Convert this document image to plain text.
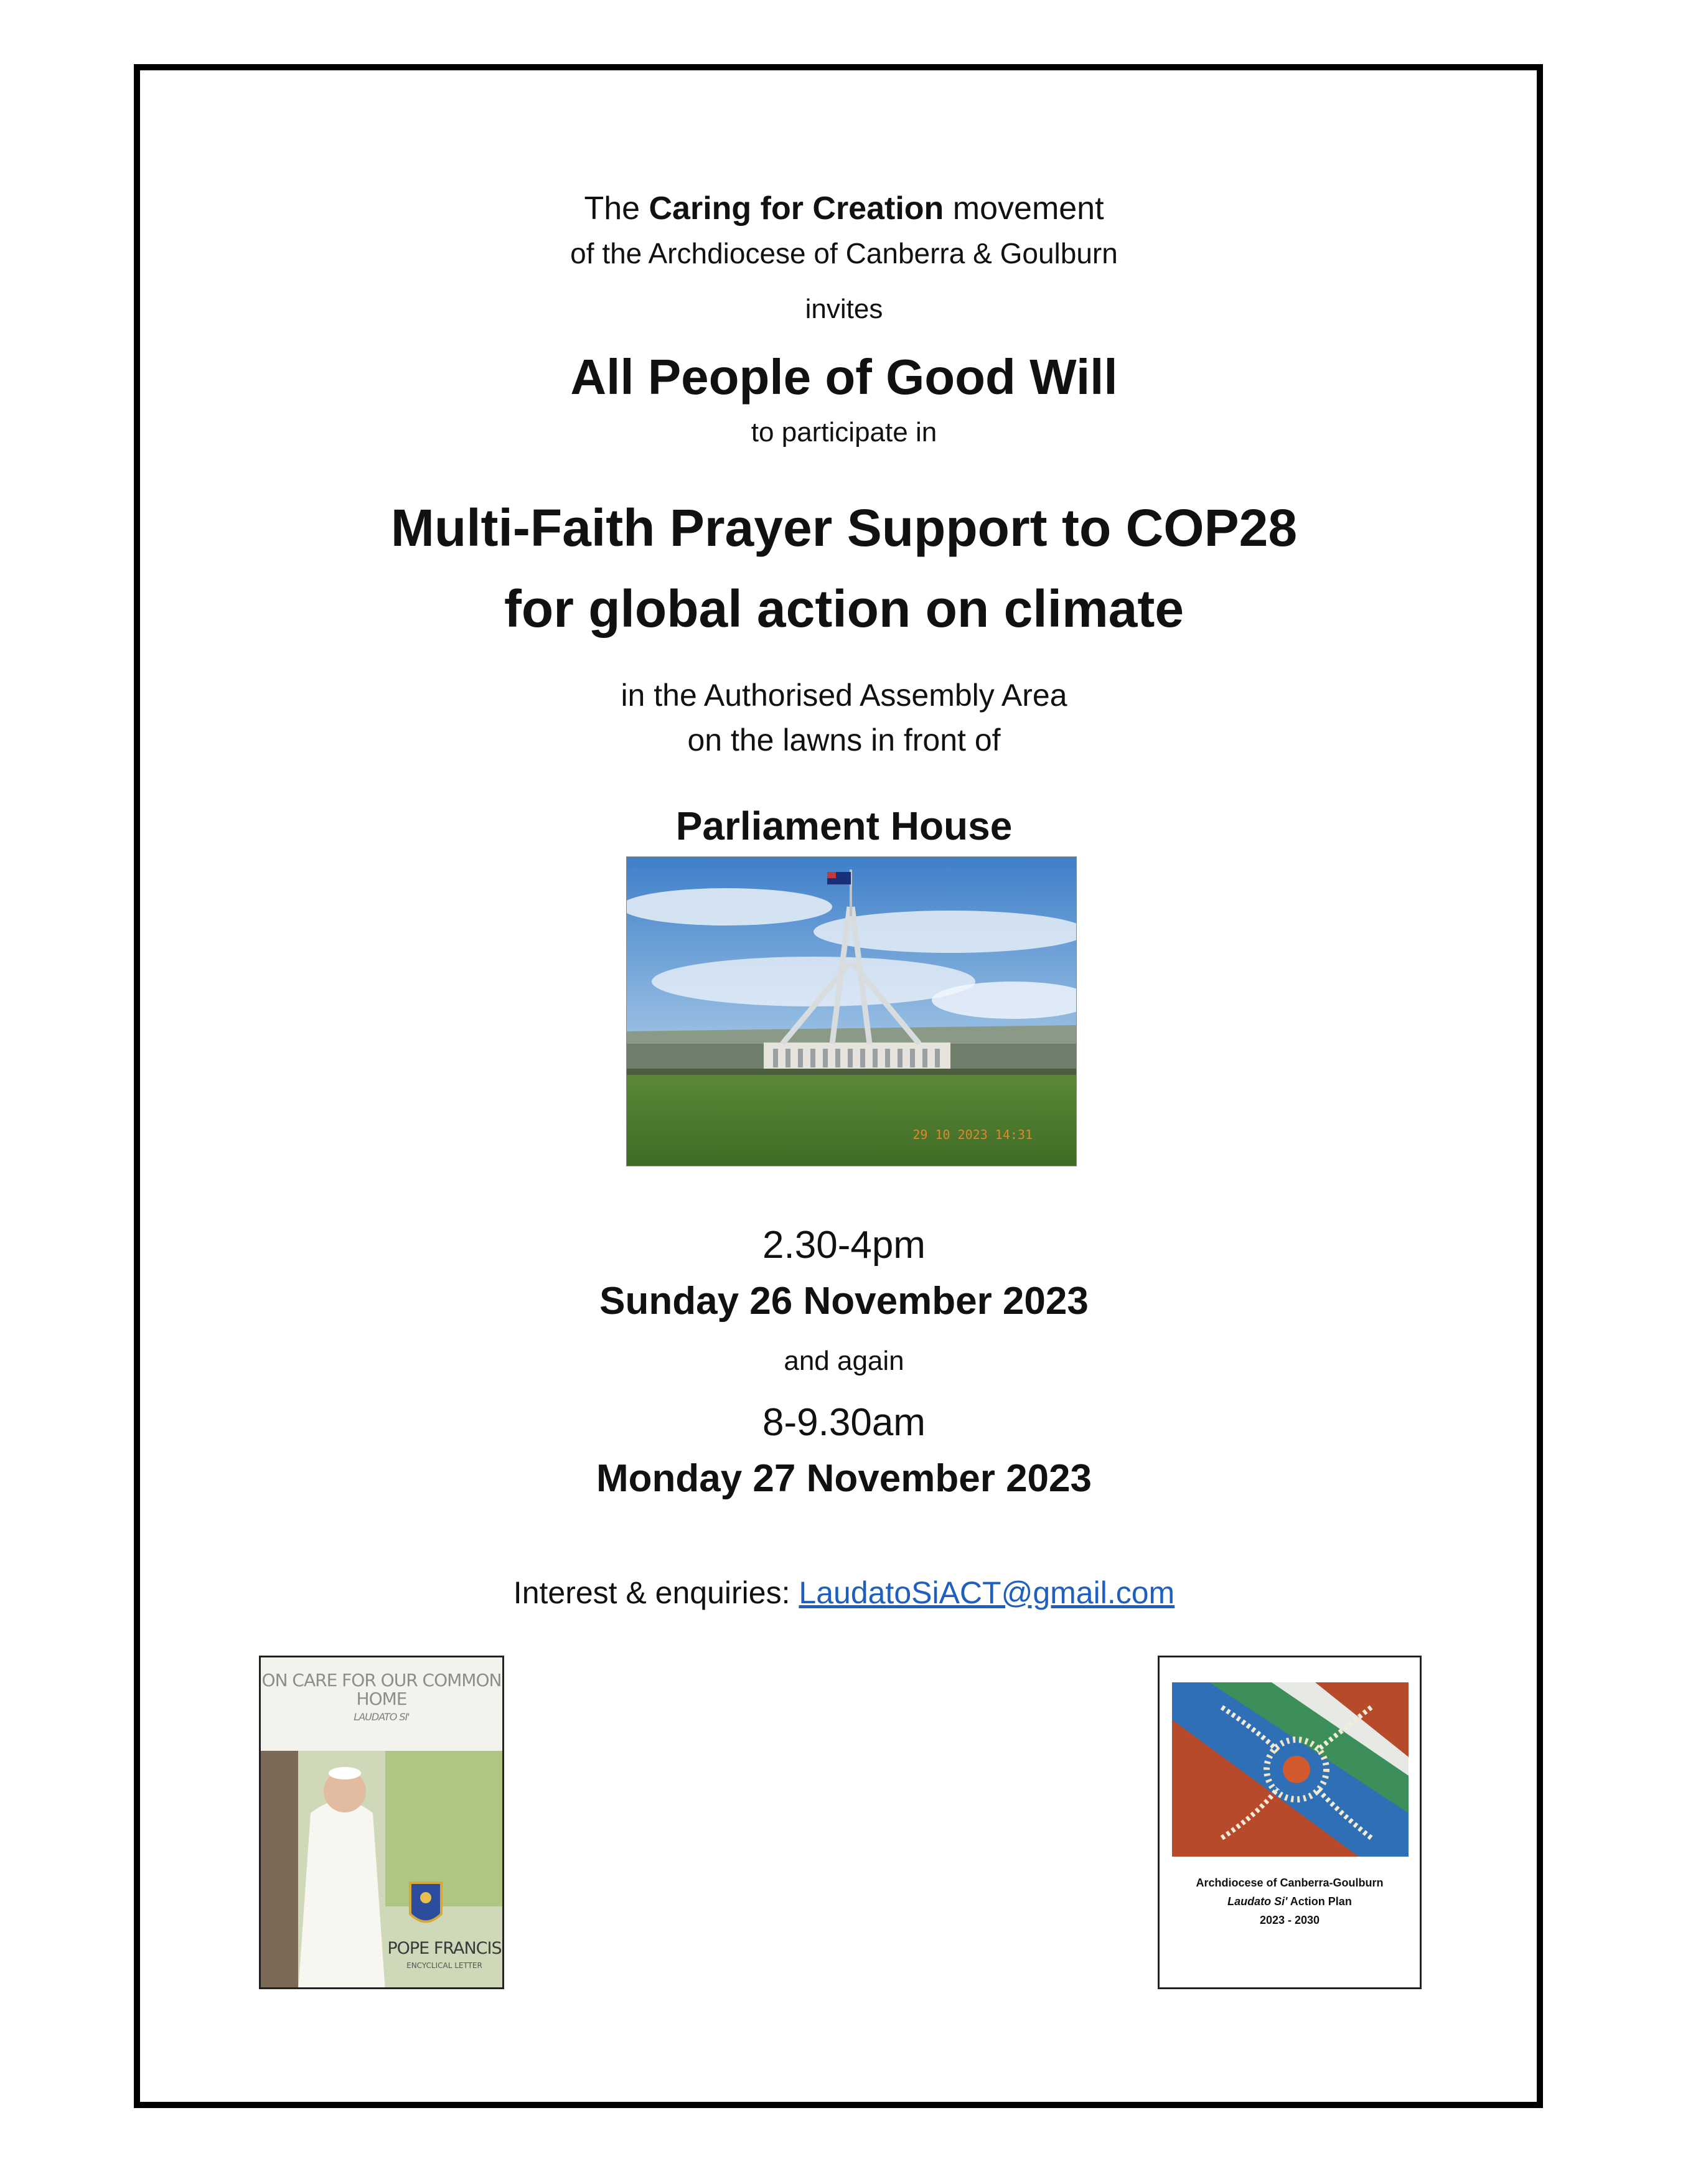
The Caring for Creation movement
of the Archdiocese of Canberra & Goulburn
invites
All People of Good Will
to participate in
Multi-Faith Prayer Support to COP28
for global action on climate
in the Authorised Assembly Area
on the lawns in front of
Parliament House
29 10 2023 14:31
2.30-4pm
Sunday 26 November 2023
and again
8-9.30am
Monday 27 November 2023
Interest & enquiries: LaudatoSiACT@gmail.com
ON CARE FOR OUR COMMON HOME
LAUDATO SI'
POPE FRANCIS
ENCYCLICAL LETTER
Archdiocese of Canberra-Goulburn
Laudato Si' Action Plan
2023 - 2030
